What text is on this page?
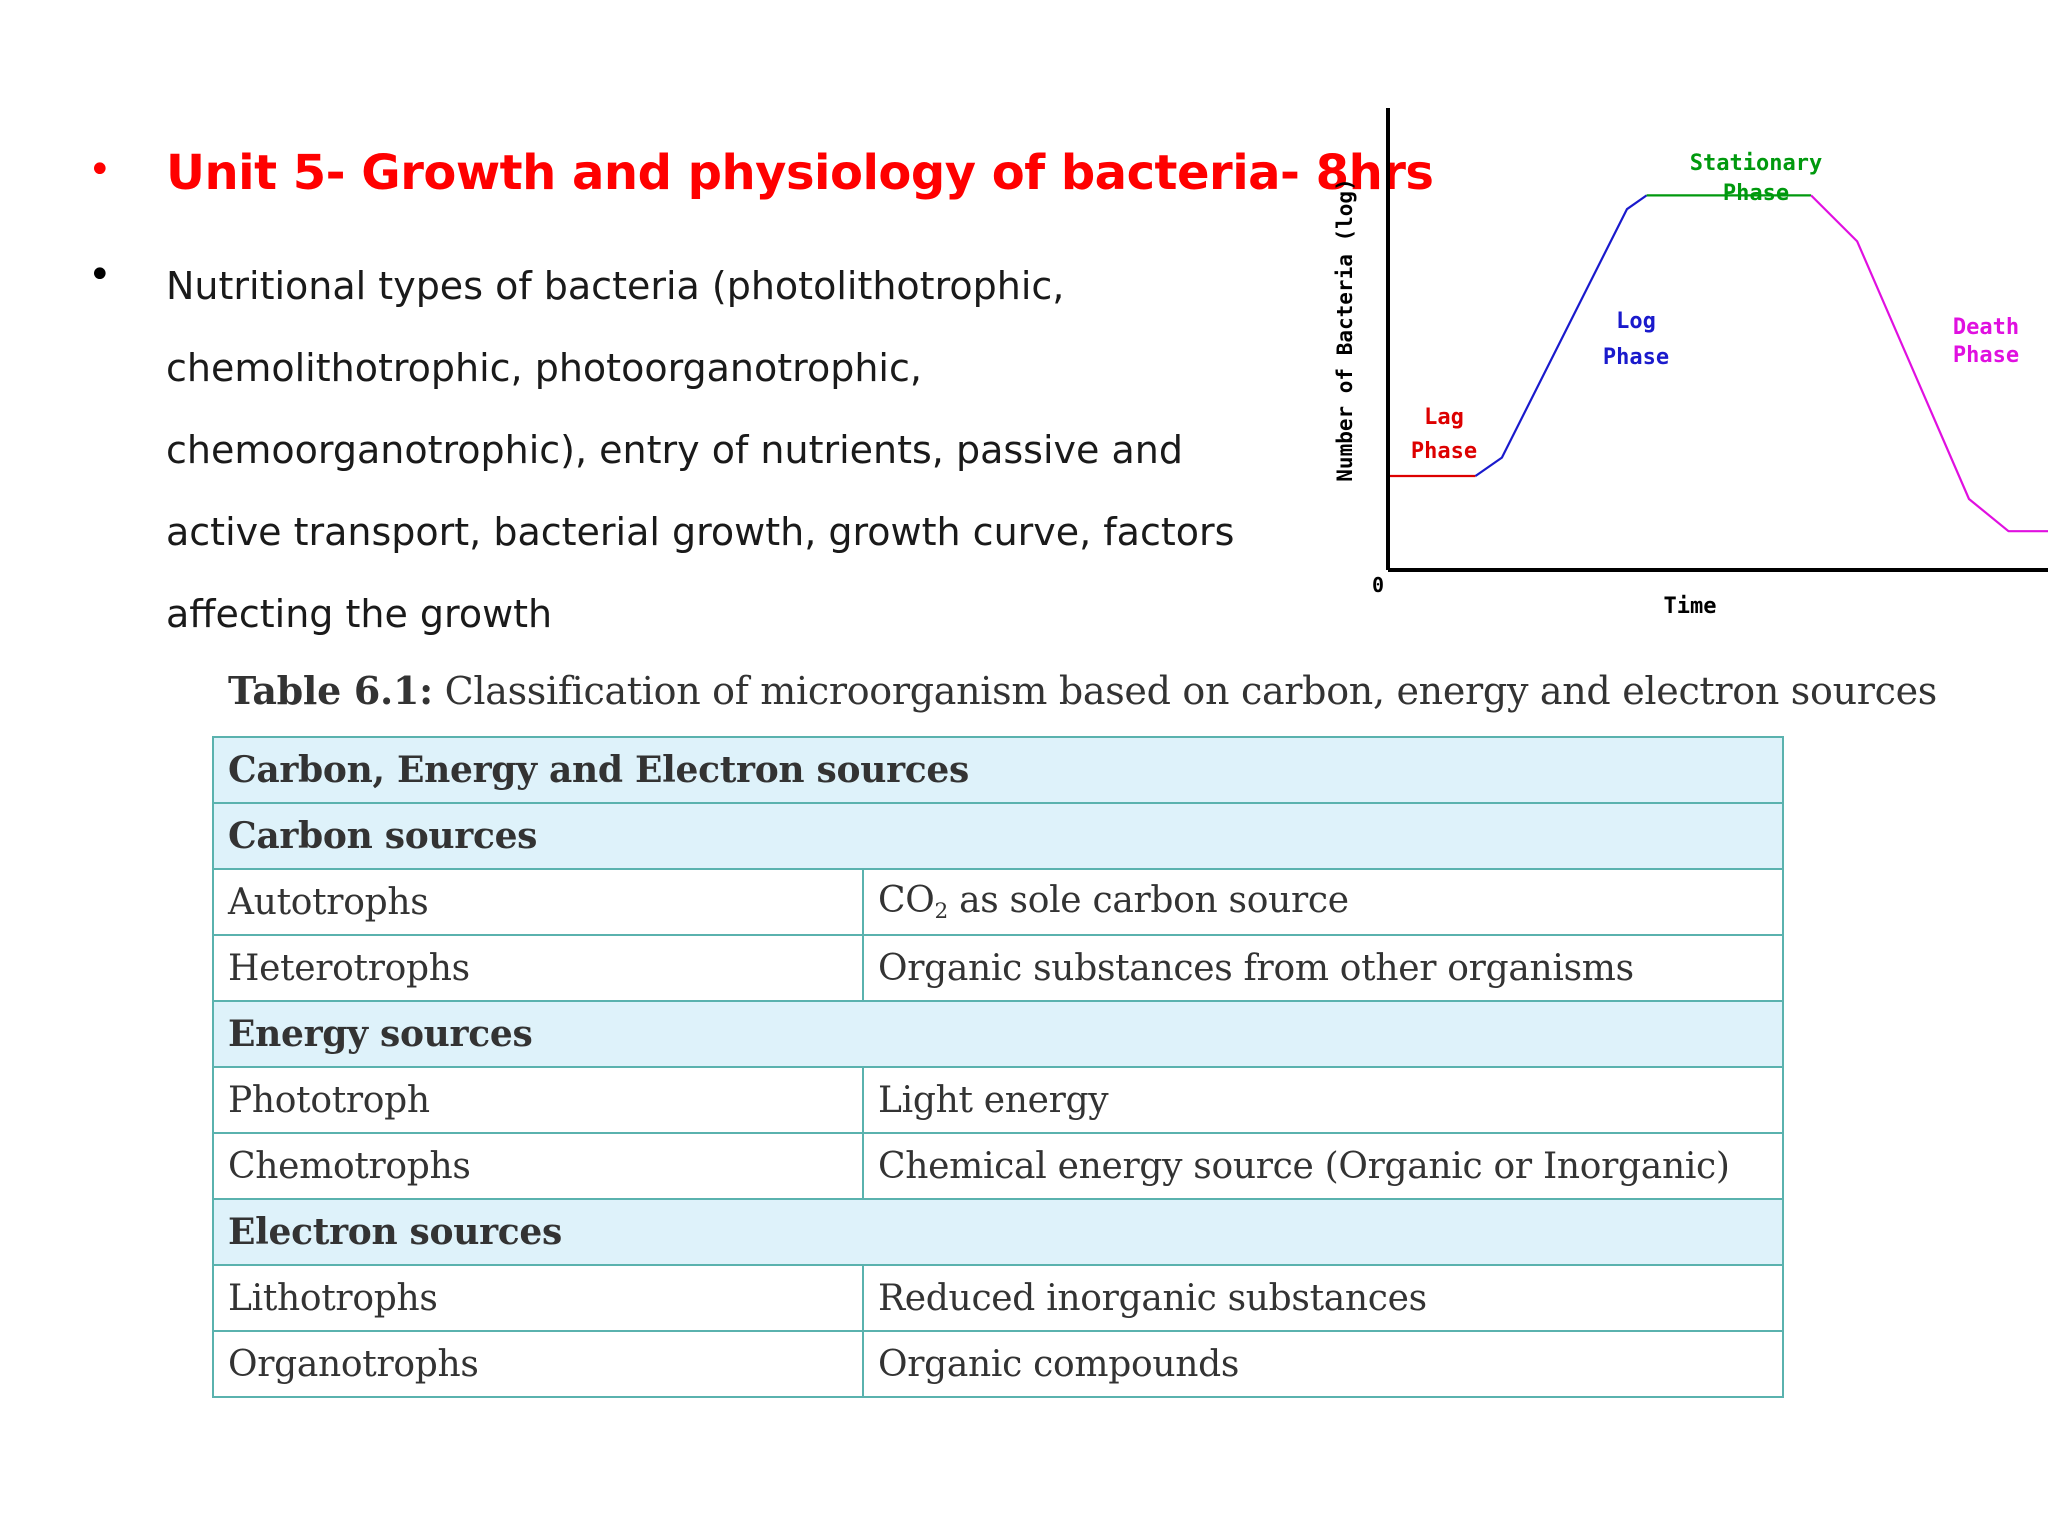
• Unit 5- Growth and physiology of bacteria- 8hrs
• Nutritional types of bacteria (photolithotrophic, chemolithotrophic, photoorganotrophic, chemoorganotrophic), entry of nutrients, passive and active transport, bacterial growth, growth curve, factors affecting the growth

0
Time
Number of Bacteria (log)	Lag
Phase
Log
Phase
Stationary
Phase
Death
Phase
Table 6.1: Classification of microorganism based on carbon, energy and electron sources
Carbon, Energy and Electron sources	
Carbon sources	
Autotrophs	$CO_2$ as sole carbon source
Heterotrophs	Organic substances from other organisms
Energy sources	
Phototroph	Light energy
Chemotrophs	Chemical energy source (Organic or Inorganic)
Electron sources	
Lithotrophs	Reduced inorganic substances
Organotrophs	Organic compounds
